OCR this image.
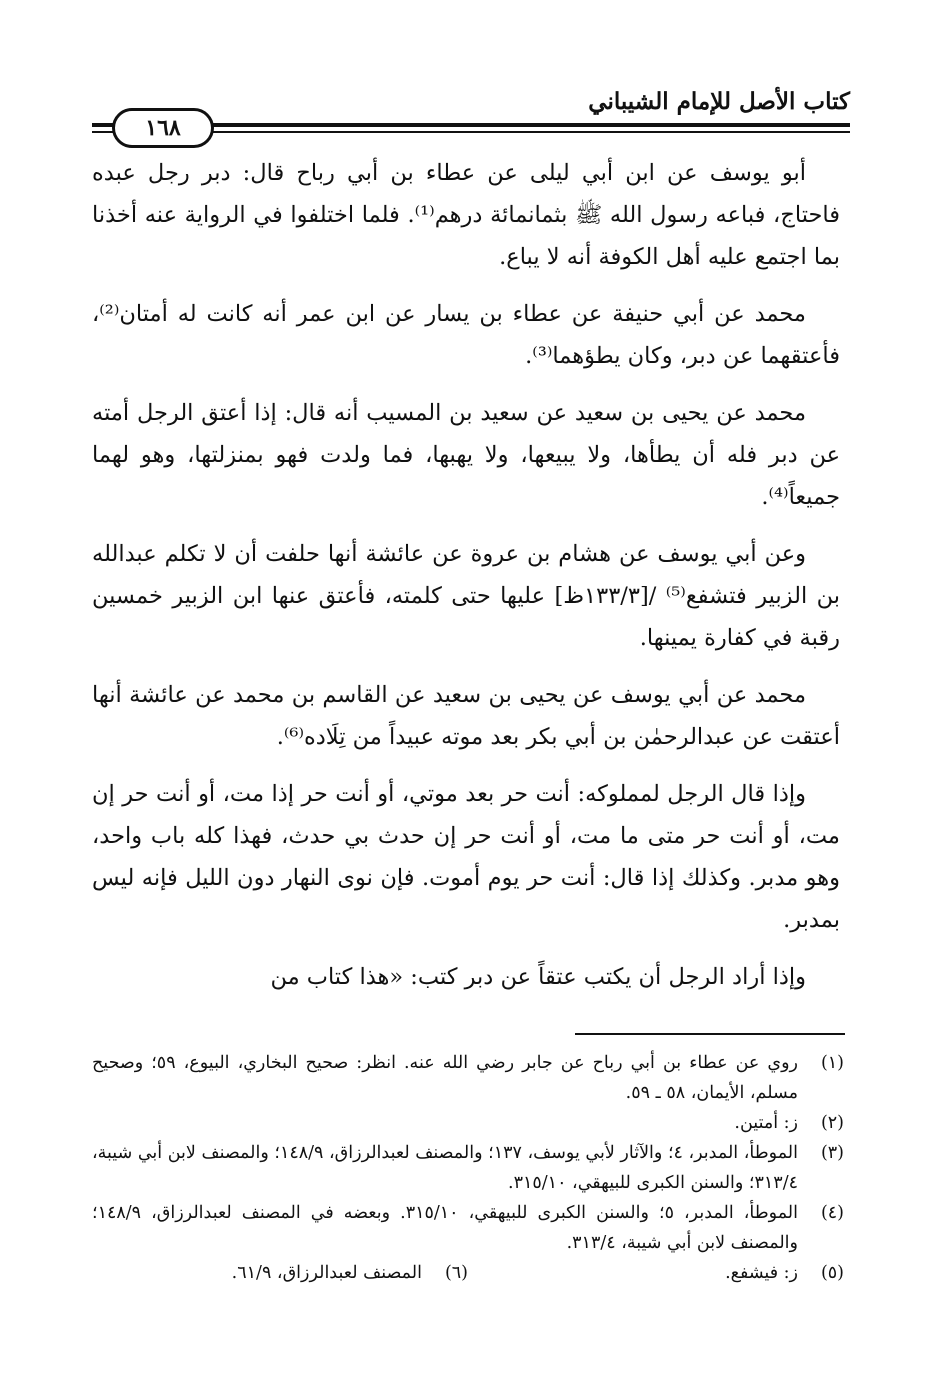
كتاب الأصل للإمام الشيباني
١٦٨

أبو يوسف عن ابن أبي ليلى عن عطاء بن أبي رباح قال: دبر رجل عبده فاحتاج، فباعه رسول الله ﷺ بثمانمائة درهم⁽¹⁾. فلما اختلفوا في الرواية عنه أخذنا بما اجتمع عليه أهل الكوفة أنه لا يباع.

محمد عن أبي حنيفة عن عطاء بن يسار عن ابن عمر أنه كانت له أمتان⁽²⁾، فأعتقهما عن دبر، وكان يطؤهما⁽³⁾.

محمد عن يحيى بن سعيد عن سعيد بن المسيب أنه قال: إذا أعتق الرجل أمته عن دبر فله أن يطأها، ولا يبيعها، ولا يهبها، فما ولدت فهو بمنزلتها، وهو لهما جميعاً⁽⁴⁾.

وعن أبي يوسف عن هشام بن عروة عن عائشة أنها حلفت أن لا تكلم عبدالله بن الزبير فتشفع⁽⁵⁾ /[١٣٣/٣ظ] عليها حتى كلمته، فأعتق عنها ابن الزبير خمسين رقبة في كفارة يمينها.

محمد عن أبي يوسف عن يحيى بن سعيد عن القاسم بن محمد عن عائشة أنها أعتقت عن عبدالرحمٰن بن أبي بكر بعد موته عبيداً من تِلَاده⁽⁶⁾.

وإذا قال الرجل لمملوكه: أنت حر بعد موتي، أو أنت حر إذا مت، أو أنت حر إن مت، أو أنت حر متى ما مت، أو أنت حر إن حدث بي حدث، فهذا كله باب واحد، وهو مدبر. وكذلك إذا قال: أنت حر يوم أموت. فإن نوى النهار دون الليل فإنه ليس بمدبر.

وإذا أراد الرجل أن يكتب عتقاً عن دبر كتب: «هذا كتاب من

(١)
روي عن عطاء بن أبي رباح عن جابر رضي الله عنه. انظر: صحيح البخاري، البيوع، ٥٩؛ وصحيح مسلم، الأيمان، ٥٨ ـ ٥٩.
(٢)
ز: أمتين.
(٣)
الموطأ، المدبر، ٤؛ والآثار لأبي يوسف، ١٣٧؛ والمصنف لعبدالرزاق، ١٤٨/٩؛ والمصنف لابن أبي شيبة، ٣١٣/٤؛ والسنن الكبرى للبيهقي، ٣١٥/١٠.
(٤)
الموطأ، المدبر، ٥؛ والسنن الكبرى للبيهقي، ٣١٥/١٠. وبعضه في المصنف لعبدالرزاق، ١٤٨/٩؛ والمصنف لابن أبي شيبة، ٣١٣/٤.
(٥)
ز: فيشفع.
(٦)
المصنف لعبدالرزاق، ٦١/٩.
